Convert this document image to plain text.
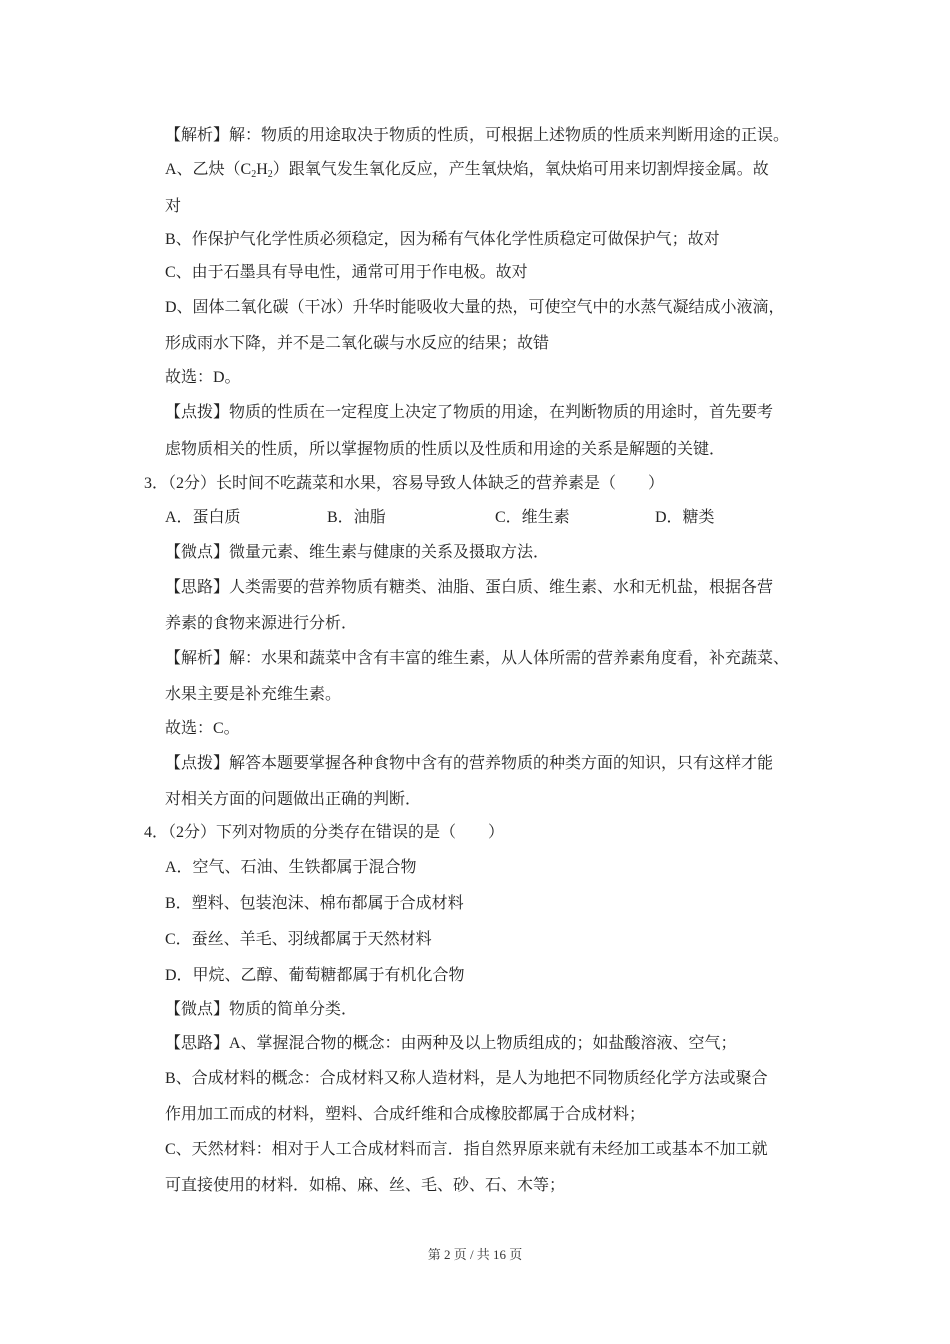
【解析】解：物质的用途取决于物质的性质，可根据上述物质的性质来判断用途的正误。
A、乙炔$(C_2H_2)$跟氧气发生氧化反应，产生氧炔焰，氧炔焰可用来切割焊接金属。故
对
B、作保护气化学性质必须稳定，因为稀有气体化学性质稳定可做保护气；故对
C、由于石墨具有导电性，通常可用于作电极。故对
D、固体二氧化碳（干冰）升华时能吸收大量的热，可使空气中的水蒸气凝结成小液滴，
形成雨水下降，并不是二氧化碳与水反应的结果；故错
故选：D。
【点拨】物质的性质在一定程度上决定了物质的用途，在判断物质的用途时，首先要考
虑物质相关的性质，所以掌握物质的性质以及性质和用途的关系是解题的关键．
3．（2分）长时间不吃蔬菜和水果，容易导致人体缺乏的营养素是（　　）
A．蛋白质	B．油脂	C．维生素	D．糖类
【微点】微量元素、维生素与健康的关系及摄取方法．
【思路】人类需要的营养物质有糖类、油脂、蛋白质、维生素、水和无机盐，根据各营
养素的食物来源进行分析．
【解析】解：水果和蔬菜中含有丰富的维生素，从人体所需的营养素角度看，补充蔬菜、
水果主要是补充维生素。
故选：C。
【点拨】解答本题要掌握各种食物中含有的营养物质的种类方面的知识，只有这样才能
对相关方面的问题做出正确的判断．
4．（2分）下列对物质的分类存在错误的是（　　）
A．空气、石油、生铁都属于混合物
B．塑料、包装泡沫、棉布都属于合成材料
C．蚕丝、羊毛、羽绒都属于天然材料
D．甲烷、乙醇、葡萄糖都属于有机化合物
【微点】物质的简单分类．
【思路】A、掌握混合物的概念：由两种及以上物质组成的；如盐酸溶液、空气；
B、合成材料的概念：合成材料又称人造材料，是人为地把不同物质经化学方法或聚合
作用加工而成的材料，塑料、合成纤维和合成橡胶都属于合成材料；
C、天然材料：相对于人工合成材料而言．指自然界原来就有未经加工或基本不加工就
可直接使用的材料．如棉、麻、丝、毛、砂、石、木等；
第 2 页 / 共 16 页
